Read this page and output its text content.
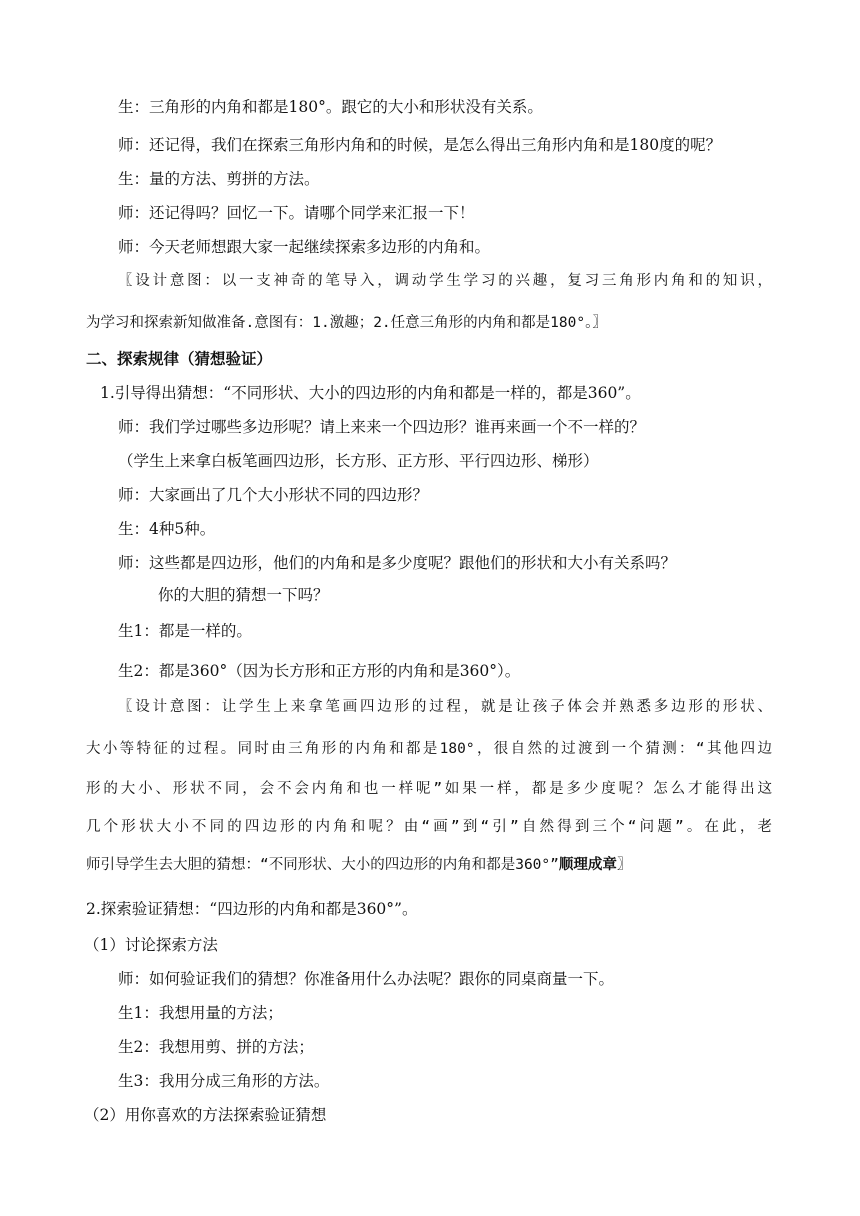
生：三角形的内角和都是180°。跟它的大小和形状没有关系。
师：还记得，我们在探索三角形内角和的时候，是怎么得出三角形内角和是180度的呢？
生：量的方法、剪拼的方法。
师：还记得吗？回忆一下。请哪个同学来汇报一下！
师：今天老师想跟大家一起继续探索多边形的内角和。
〖设计意图：以一支神奇的笔导入，调动学生学习的兴趣，复习三角形内角和的知识，
为学习和探索新知做准备.意图有：1.激趣；2.任意三角形的内角和都是180°。〗
二、探索规律（猜想验证）
1.引导得出猜想：“不同形状、大小的四边形的内角和都是一样的，都是360”。
师：我们学过哪些多边形呢？请上来来一个四边形？谁再来画一个不一样的？
（学生上来拿白板笔画四边形，长方形、正方形、平行四边形、梯形）
师：大家画出了几个大小形状不同的四边形？
生：4种5种。
师：这些都是四边形，他们的内角和是多少度呢？跟他们的形状和大小有关系吗？
你的大胆的猜想一下吗？
生1：都是一样的。
生2：都是360°（因为长方形和正方形的内角和是360°）。
〖设计意图：让学生上来拿笔画四边形的过程，就是让孩子体会并熟悉多边形的形状、
大小等特征的过程。同时由三角形的内角和都是180°，很自然的过渡到一个猜测：“其他四边
形的大小、形状不同，会不会内角和也一样呢”如果一样，都是多少度呢？怎么才能得出这
几个形状大小不同的四边形的内角和呢？由“画”到“引”自然得到三个“问题”。在此，老
师引导学生去大胆的猜想：“不同形状、大小的四边形的内角和都是360°”顺理成章〗
2.探索验证猜想：“四边形的内角和都是360°”。
（1）讨论探索方法
师：如何验证我们的猜想？你准备用什么办法呢？跟你的同桌商量一下。
生1：我想用量的方法；
生2：我想用剪、拼的方法；
生3：我用分成三角形的方法。
（2）用你喜欢的方法探索验证猜想
